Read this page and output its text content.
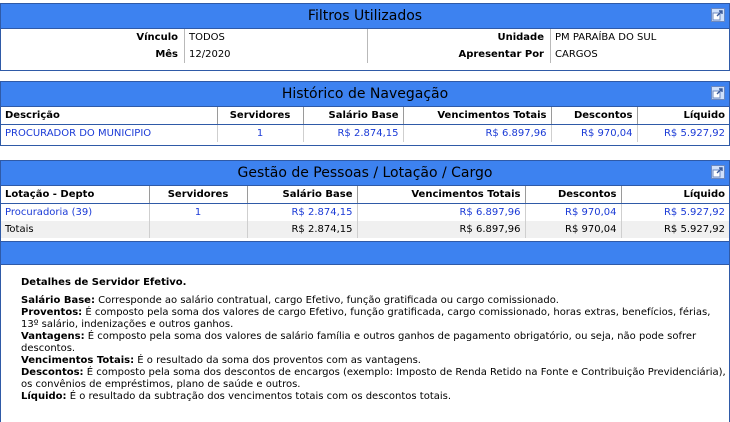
Filtros Utilizados
Vínculo	TODOS
Mês	12/2020
Unidade	PM PARAÍBA DO SUL
Apresentar Por	CARGOS
Histórico de Navegação
Descrição	Servidores	Salário Base	Vencimentos Totais	Descontos	Líquido
PROCURADOR DO MUNICIPIO	1	R$ 2.874,15	R$ 6.897,96	R$ 970,04	R$ 5.927,92
Gestão de Pessoas / Lotação / Cargo
Lotação - Depto	Servidores	Salário Base	Vencimentos Totais	Descontos	Líquido
Procuradoria (39)	1	R$ 2.874,15	R$ 6.897,96	R$ 970,04	R$ 5.927,92
Totais		R$ 2.874,15	R$ 6.897,96	R$ 970,04	R$ 5.927,92

Detalhes de Servidor Efetivo.

Salário Base: Corresponde ao salário contratual, cargo Efetivo, função gratificada ou cargo comissionado.

Proventos: É composto pela soma dos valores de cargo Efetivo, função gratificada, cargo comissionado, horas extras, benefícios, férias, 13º salário, indenizações e outros ganhos.

Vantagens: É composto pela soma dos valores de salário família e outros ganhos de pagamento obrigatório, ou seja, não pode sofrer descontos.

Vencimentos Totais: É o resultado da soma dos proventos com as vantagens.

Descontos: É composto pela soma dos descontos de encargos (exemplo: Imposto de Renda Retido na Fonte e Contribuição Previdenciária), os convênios de empréstimos, plano de saúde e outros.

Líquido: É o resultado da subtração dos vencimentos totais com os descontos totais.
